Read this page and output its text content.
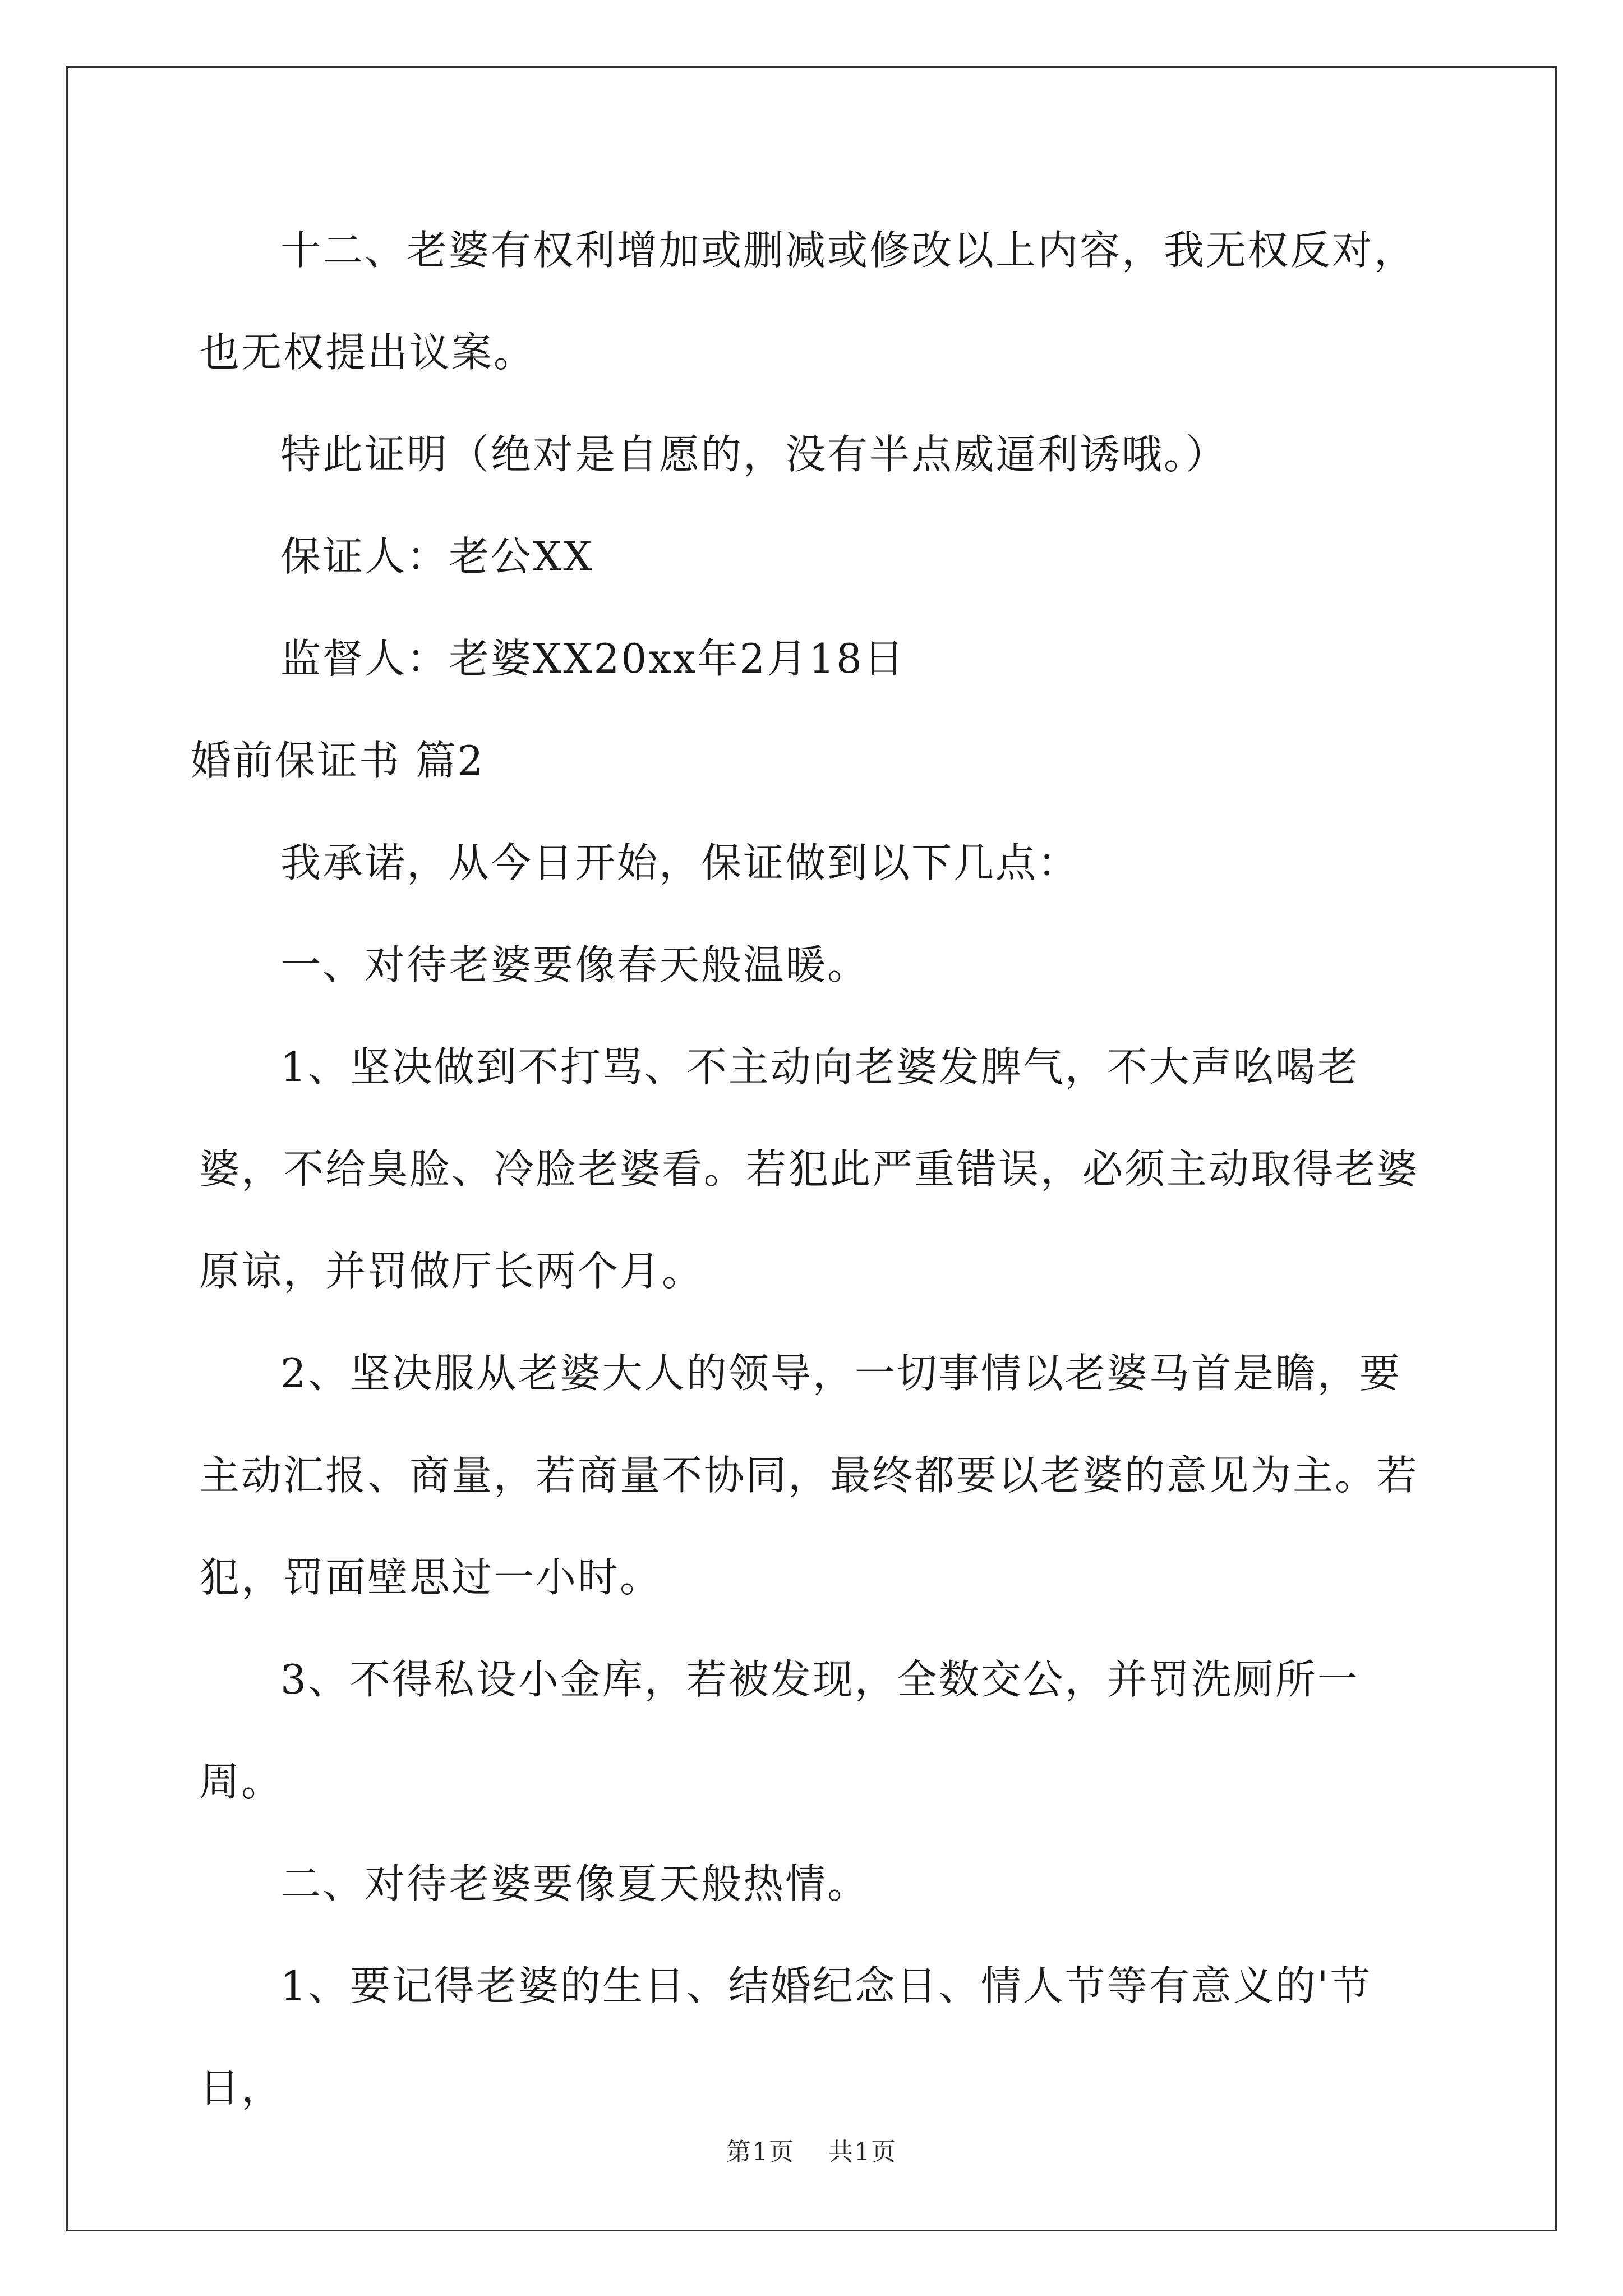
十二、老婆有权利增加或删减或修改以上内容，我无权反对，也无权提出议案。

特此证明（绝对是自愿的，没有半点威逼利诱哦。）

保证人：老公XX

监督人：老婆XX20xx年2月18日

婚前保证书 篇2

我承诺，从今日开始，保证做到以下几点：

一、对待老婆要像春天般温暖。

1、坚决做到不打骂、不主动向老婆发脾气，不大声吆喝老婆，不给臭脸、冷脸老婆看。若犯此严重错误，必须主动取得老婆原谅，并罚做厅长两个月。

2、坚决服从老婆大人的领导，一切事情以老婆马首是瞻，要主动汇报、商量，若商量不协同，最终都要以老婆的意见为主。若犯，罚面壁思过一小时。

3、不得私设小金库，若被发现，全数交公，并罚洗厕所一周。

二、对待老婆要像夏天般热情。

1、要记得老婆的生日、结婚纪念日、情人节等有意义的'节日，

第1页 共1页
